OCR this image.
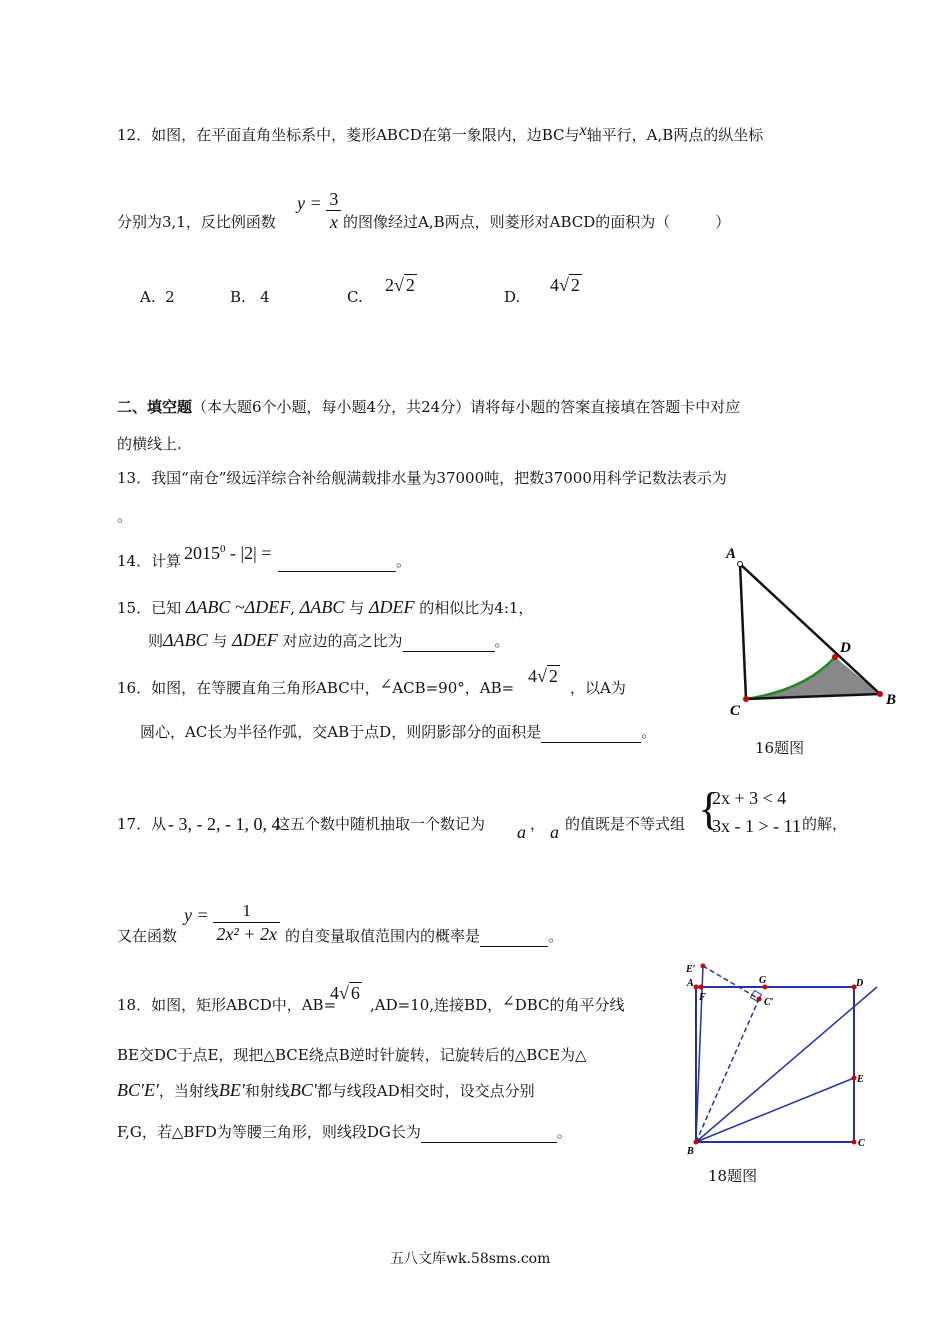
12．如图，在平面直角坐标系中，菱形ABCD在第一象限内，边BC与x轴平行，A,B两点的纵坐标
分别为3,1，反比例函数
$y = \frac{3}{x}$ 的图像经过A,B两点，则菱形对ABCD的面积为（　　　）
A. 2	B. 4	C.
2√ 2
D.
4√ 2
二、填空题（本大题6个小题，每小题4分，共24分）请将每小题的答案直接填在答题卡中对应
的横线上.
13．我国“南仓”级远洋综合补给舰满载排水量为37000吨，把数37000用科学记数法表示为
。
14．计算 2015$^0$ - |2| =	。
15．已知 ΔABC ~ΔDEF, ΔABC 与 ΔDEF 的相似比为4:1，
则ΔABC 与 ΔDEF 对应边的高之比为	。
16．如图，在等腰直角三角形ABC中，∠ACB=90°，AB=
4√ 2
，以A为
圆心，AC长为半径作弧，交AB于点D，则阴影部分的面积是	。
A
B
C
D
16题图
17．从 - 3, - 2, - 1, 0, 4
这五个数中随机抽取一个数记为 a ， a 的值既是不等式组 {
2x + 3 < 4
3x - 1 > - 11 的解，
又在函数
$y = \frac{1}{\text{2x² + 2x}}$ 的自变量取值范围内的概率是	。
18．如图，矩形ABCD中，AB=
4√ 6
,AD=10,连接BD，∠DBC的角平分线
BE交DC于点E，现把△BCE绕点B逆时针旋转，记旋转后的△BCE为△
BC′E′，当射线BE′和射线BC′都与线段AD相交时，设交点分别
F,G，若△BFD为等腰三角形，则线段DG长为	。
A
B
C
D
E
F
G
E′
C′
18题图
五八文库wk.58sms.com
